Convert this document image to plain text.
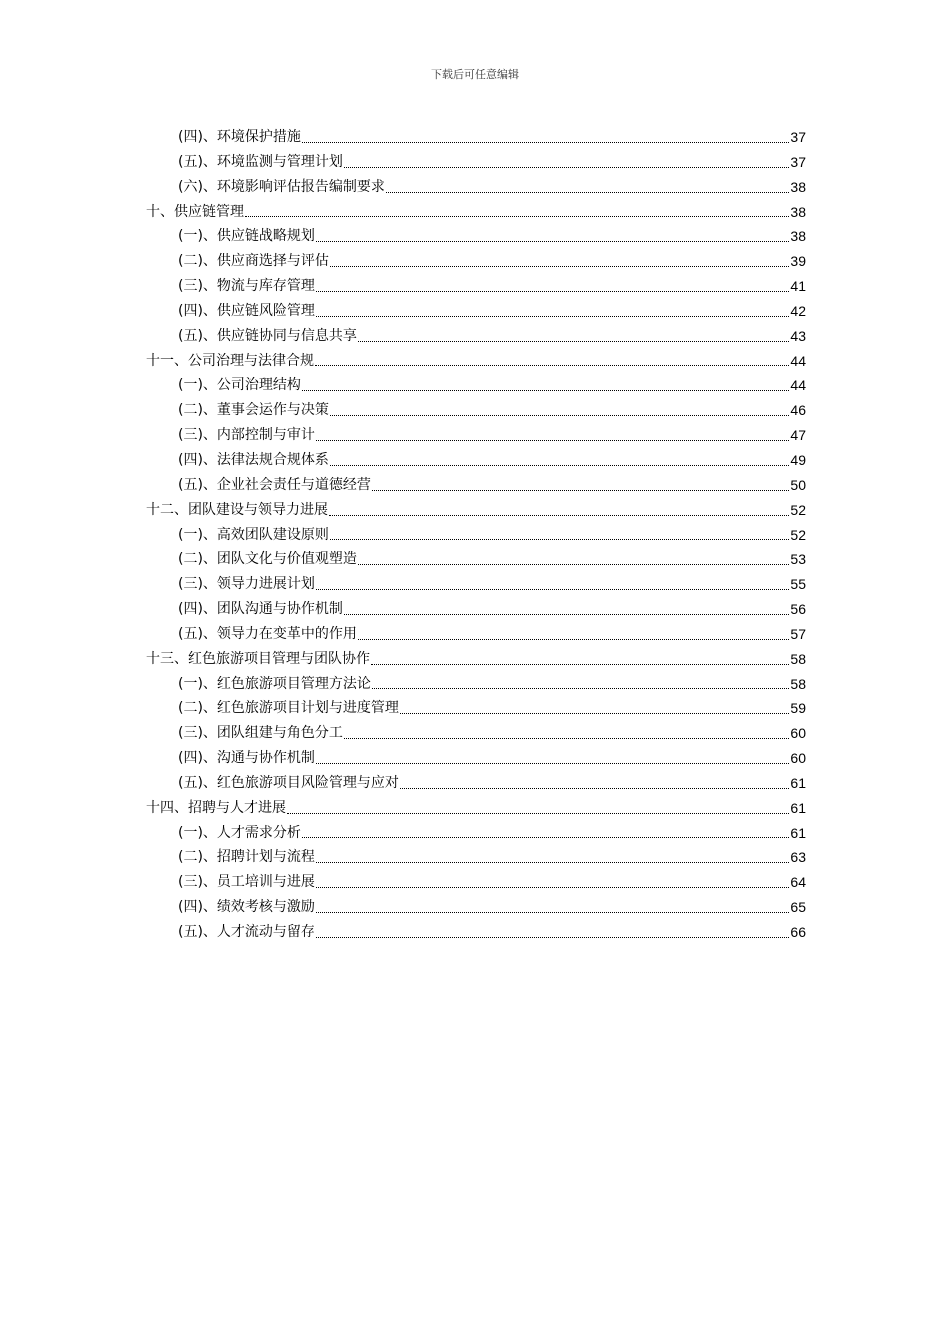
下载后可任意编辑
(四)、环境保护措施	37
(五)、环境监测与管理计划	37
(六)、环境影响评估报告编制要求	38
十、供应链管理	38
(一)、供应链战略规划	38
(二)、供应商选择与评估	39
(三)、物流与库存管理	41
(四)、供应链风险管理	42
(五)、供应链协同与信息共享	43
十一、公司治理与法律合规	44
(一)、公司治理结构	44
(二)、董事会运作与决策	46
(三)、内部控制与审计	47
(四)、法律法规合规体系	49
(五)、企业社会责任与道德经营	50
十二、团队建设与领导力进展	52
(一)、高效团队建设原则	52
(二)、团队文化与价值观塑造	53
(三)、领导力进展计划	55
(四)、团队沟通与协作机制	56
(五)、领导力在变革中的作用	57
十三、红色旅游项目管理与团队协作	58
(一)、红色旅游项目管理方法论	58
(二)、红色旅游项目计划与进度管理	59
(三)、团队组建与角色分工	60
(四)、沟通与协作机制	60
(五)、红色旅游项目风险管理与应对	61
十四、招聘与人才进展	61
(一)、人才需求分析	61
(二)、招聘计划与流程	63
(三)、员工培训与进展	64
(四)、绩效考核与激励	65
(五)、人才流动与留存	66
